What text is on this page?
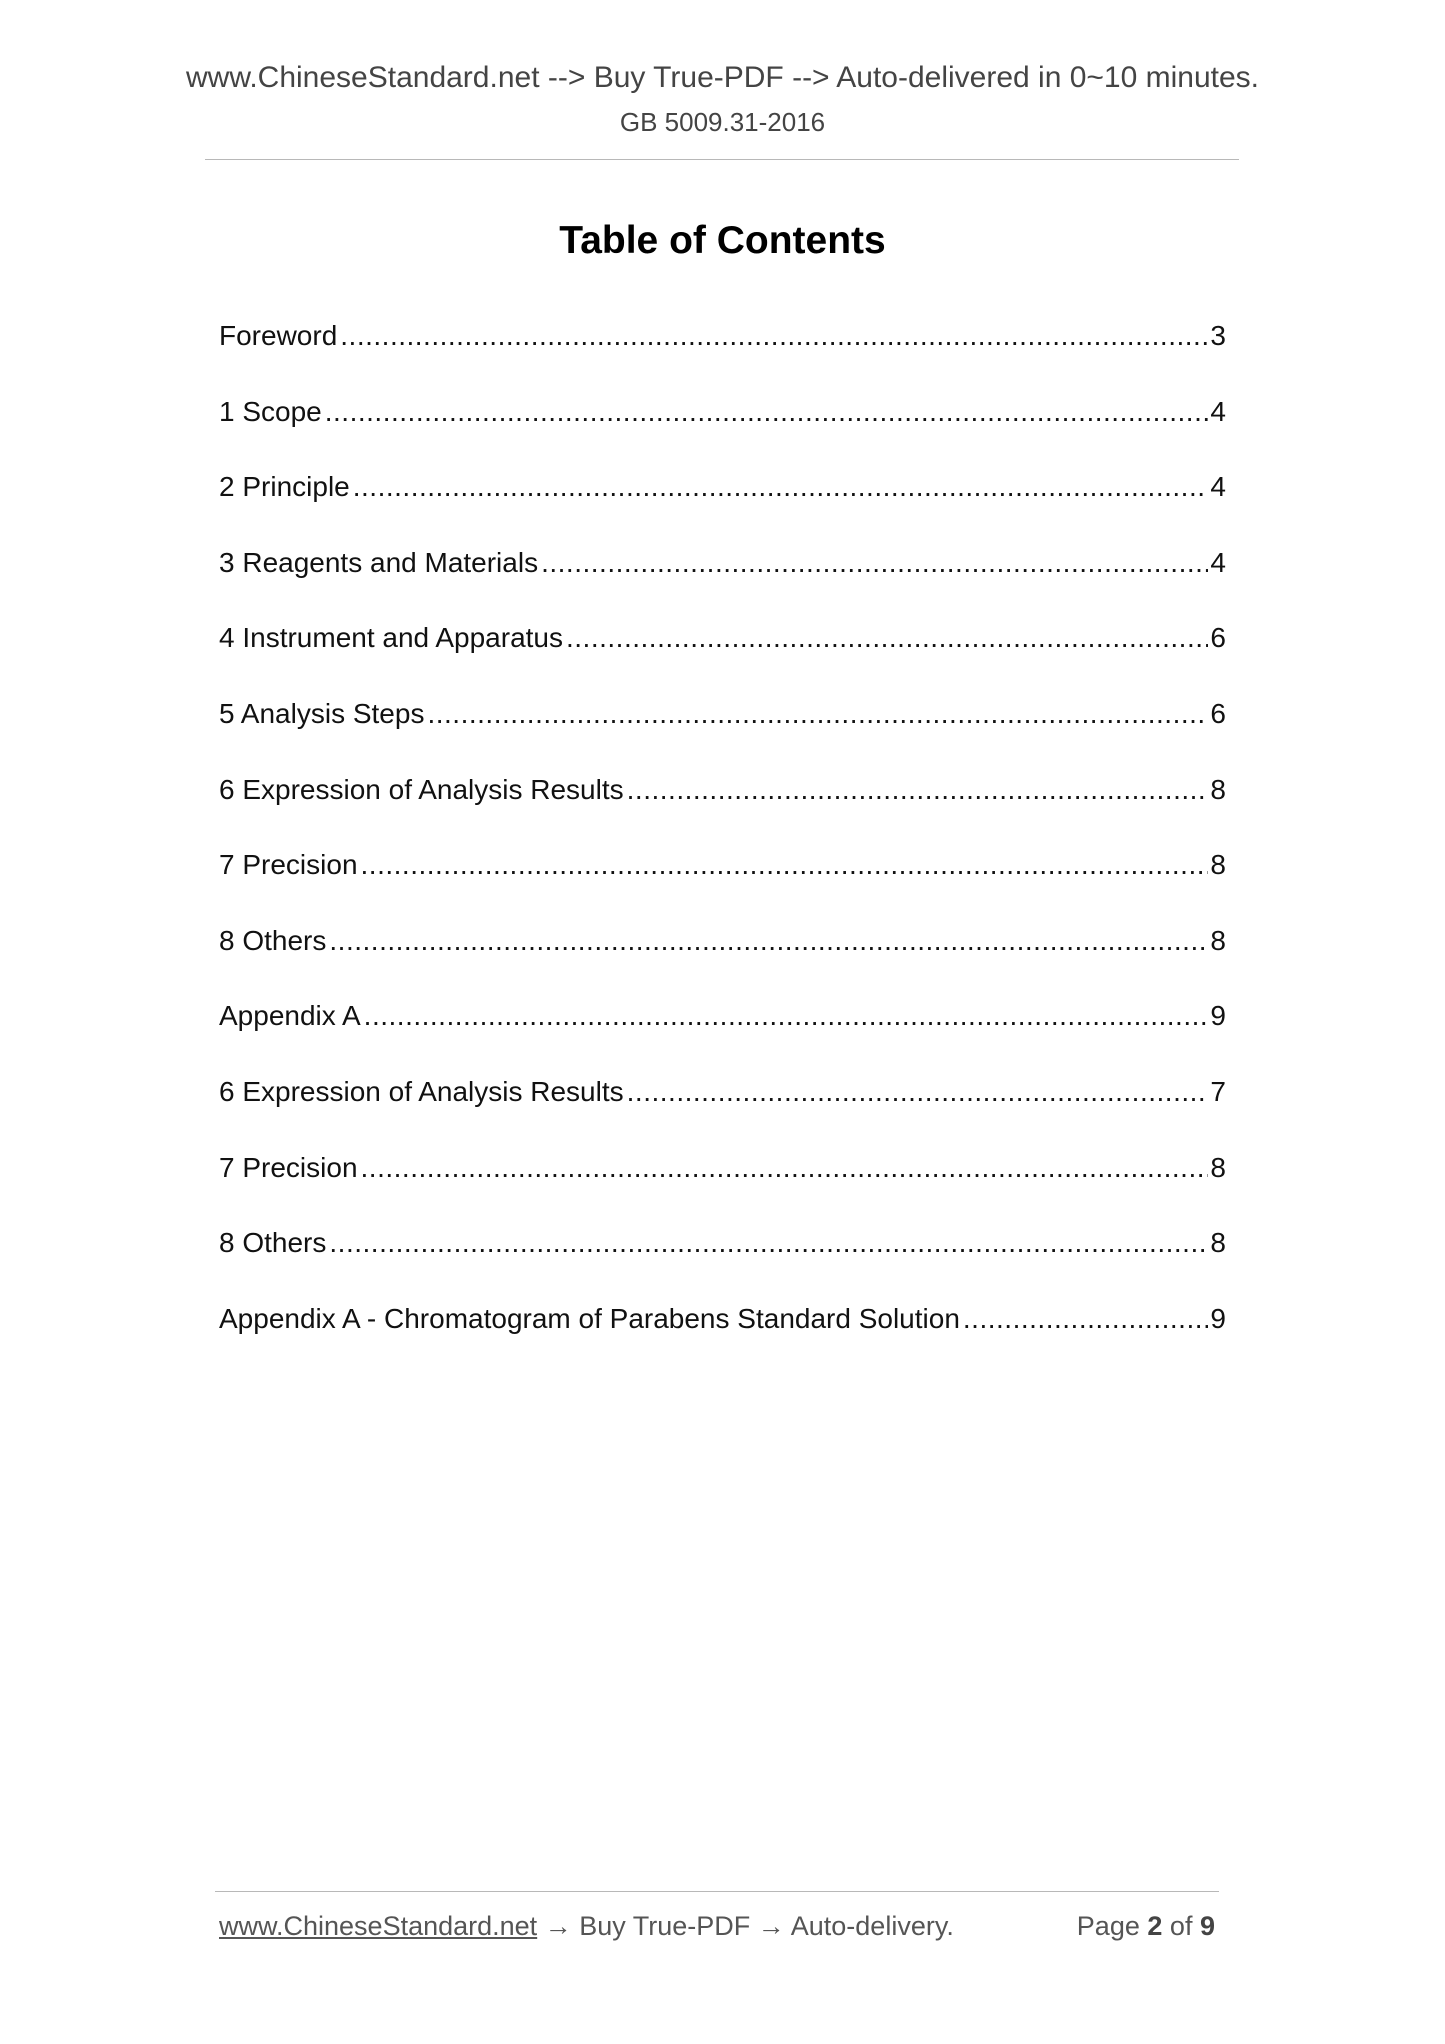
www.ChineseStandard.net --> Buy True-PDF --> Auto-delivered in 0~10 minutes.
GB 5009.31-2016
Table of Contents
Foreword .....	3
1 Scope .....	4
2 Principle .....	4
3 Reagents and Materials .....	4
4 Instrument and Apparatus .....	6
5 Analysis Steps .....	6
6 Expression of Analysis Results .....	8
7 Precision .....	8
8 Others .....	8
Appendix A .....	9
6 Expression of Analysis Results .....	7
7 Precision .....	8
8 Others .....	8
Appendix A - Chromatogram of Parabens Standard Solution .....	9
www.ChineseStandard.net → Buy True-PDF → Auto-delivery.	Page 2 of 9
